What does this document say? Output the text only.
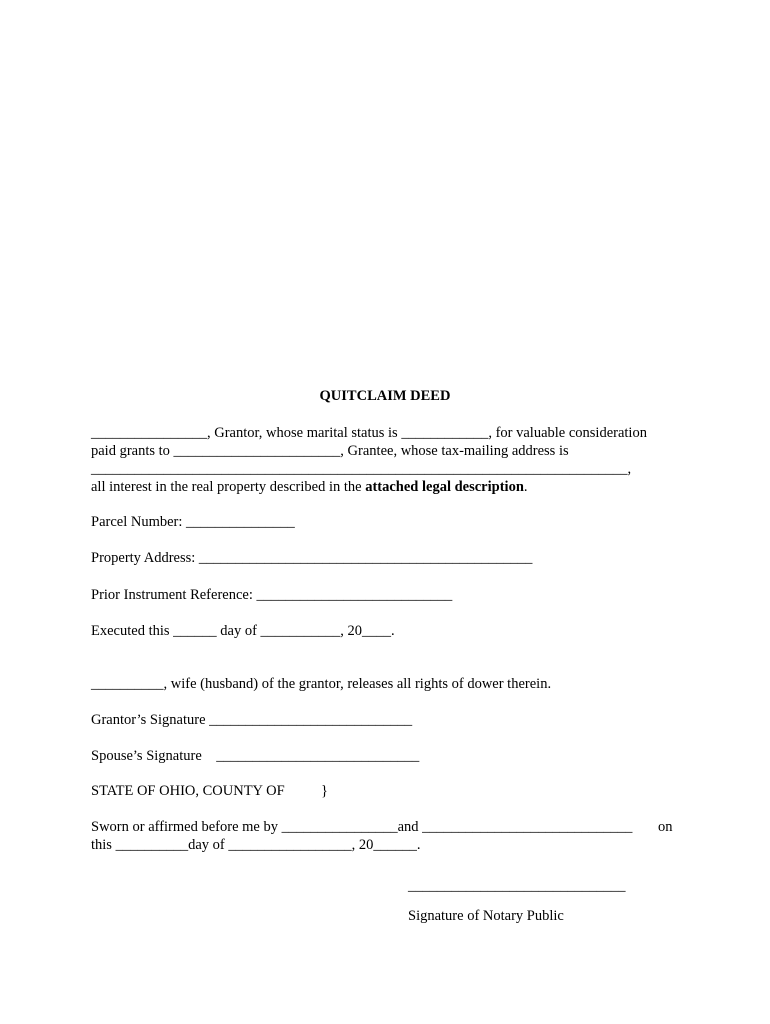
QUITCLAIM DEED
________________, Grantor, whose marital status is ____________, for valuable consideration
paid grants to _______________________, Grantee, whose tax-mailing address is
__________________________________________________________________________,
all interest in the real property described in the attached legal description.
Parcel Number: _______________
Property Address: ______________________________________________
Prior Instrument Reference: ___________________________
Executed this ______ day of ___________, 20____.
__________, wife (husband) of the grantor, releases all rights of dower therein.
Grantor’s Signature ____________________________
Spouse’s Signature    ____________________________
STATE OF OHIO, COUNTY OF	}
Sworn or affirmed before me by ________________and _____________________________ on
this __________day of _________________, 20______.
______________________________
Signature of Notary Public
